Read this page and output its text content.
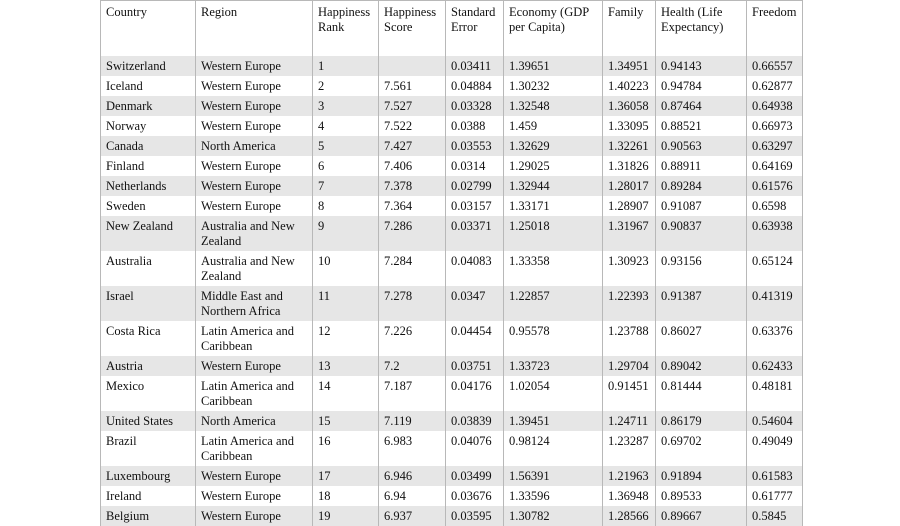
Country	Region	Happiness Rank	Happiness Score	Standard Error	Economy (GDP per Capita)	Family	Health (Life Expectancy)	Freedom
Switzerland	Western Europe	1		0.03411	1.39651	1.34951	0.94143	0.66557
Iceland	Western Europe	2	7.561	0.04884	1.30232	1.40223	0.94784	0.62877
Denmark	Western Europe	3	7.527	0.03328	1.32548	1.36058	0.87464	0.64938
Norway	Western Europe	4	7.522	0.0388	1.459	1.33095	0.88521	0.66973
Canada	North America	5	7.427	0.03553	1.32629	1.32261	0.90563	0.63297
Finland	Western Europe	6	7.406	0.0314	1.29025	1.31826	0.88911	0.64169
Netherlands	Western Europe	7	7.378	0.02799	1.32944	1.28017	0.89284	0.61576
Sweden	Western Europe	8	7.364	0.03157	1.33171	1.28907	0.91087	0.6598
New Zealand	Australia and New Zealand	9	7.286	0.03371	1.25018	1.31967	0.90837	0.63938
Australia	Australia and New Zealand	10	7.284	0.04083	1.33358	1.30923	0.93156	0.65124
Israel	Middle East and Northern Africa	11	7.278	0.0347	1.22857	1.22393	0.91387	0.41319
Costa Rica	Latin America and Caribbean	12	7.226	0.04454	0.95578	1.23788	0.86027	0.63376
Austria	Western Europe	13	7.2	0.03751	1.33723	1.29704	0.89042	0.62433
Mexico	Latin America and Caribbean	14	7.187	0.04176	1.02054	0.91451	0.81444	0.48181
United States	North America	15	7.119	0.03839	1.39451	1.24711	0.86179	0.54604
Brazil	Latin America and Caribbean	16	6.983	0.04076	0.98124	1.23287	0.69702	0.49049
Luxembourg	Western Europe	17	6.946	0.03499	1.56391	1.21963	0.91894	0.61583
Ireland	Western Europe	18	6.94	0.03676	1.33596	1.36948	0.89533	0.61777
Belgium	Western Europe	19	6.937	0.03595	1.30782	1.28566	0.89667	0.5845
